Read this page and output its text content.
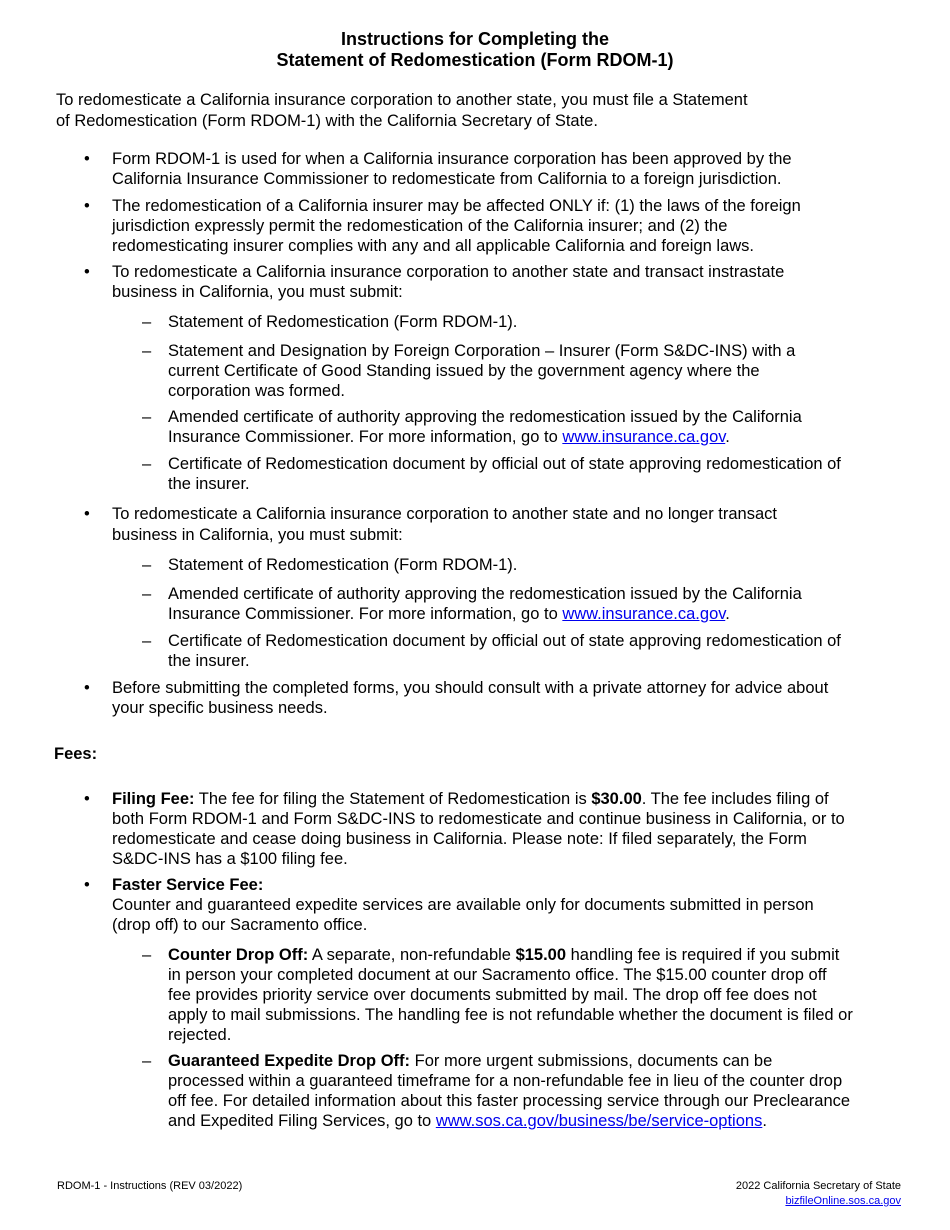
Instructions for Completing the
Statement of Redomestication (Form RDOM-1)
To redomesticate a California insurance corporation to another state, you must file a Statement
of Redomestication (Form RDOM-1) with the California Secretary of State.
• Form RDOM-1 is used for when a California insurance corporation has been approved by the
California Insurance Commissioner to redomesticate from California to a foreign jurisdiction.
• The redomestication of a California insurer may be affected ONLY if: (1) the laws of the foreign
jurisdiction expressly permit the redomestication of the California insurer; and (2) the
redomesticating insurer complies with any and all applicable California and foreign laws.
• To redomesticate a California insurance corporation to another state and transact instrastate
business in California, you must submit:
– Statement of Redomestication (Form RDOM-1).
– Statement and Designation by Foreign Corporation – Insurer (Form S&DC-INS) with a
current Certificate of Good Standing issued by the government agency where the
corporation was formed.
– Amended certificate of authority approving the redomestication issued by the California
Insurance Commissioner. For more information, go to www.insurance.ca.gov.
– Certificate of Redomestication document by official out of state approving redomestication of
the insurer.
• To redomesticate a California insurance corporation to another state and no longer transact
business in California, you must submit:
– Statement of Redomestication (Form RDOM-1).
– Amended certificate of authority approving the redomestication issued by the California
Insurance Commissioner. For more information, go to www.insurance.ca.gov.
– Certificate of Redomestication document by official out of state approving redomestication of
the insurer.
• Before submitting the completed forms, you should consult with a private attorney for advice about
your specific business needs.
Fees:
• Filing Fee: The fee for filing the Statement of Redomestication is $30.00. The fee includes filing of
both Form RDOM-1 and Form S&DC-INS to redomesticate and continue business in California, or to
redomesticate and cease doing business in California. Please note: If filed separately, the Form
S&DC-INS has a $100 filing fee.
• Faster Service Fee:
Counter and guaranteed expedite services are available only for documents submitted in person
(drop off) to our Sacramento office.
– Counter Drop Off: A separate, non-refundable $15.00 handling fee is required if you submit
in person your completed document at our Sacramento office. The $15.00 counter drop off
fee provides priority service over documents submitted by mail. The drop off fee does not
apply to mail submissions. The handling fee is not refundable whether the document is filed or
rejected.
– Guaranteed Expedite Drop Off: For more urgent submissions, documents can be
processed within a guaranteed timeframe for a non-refundable fee in lieu of the counter drop
off fee. For detailed information about this faster processing service through our Preclearance
and Expedited Filing Services, go to www.sos.ca.gov/business/be/service-options.
RDOM-1 - Instructions (REV 03/2022)	2022 California Secretary of State
bizfileOnline.sos.ca.gov
